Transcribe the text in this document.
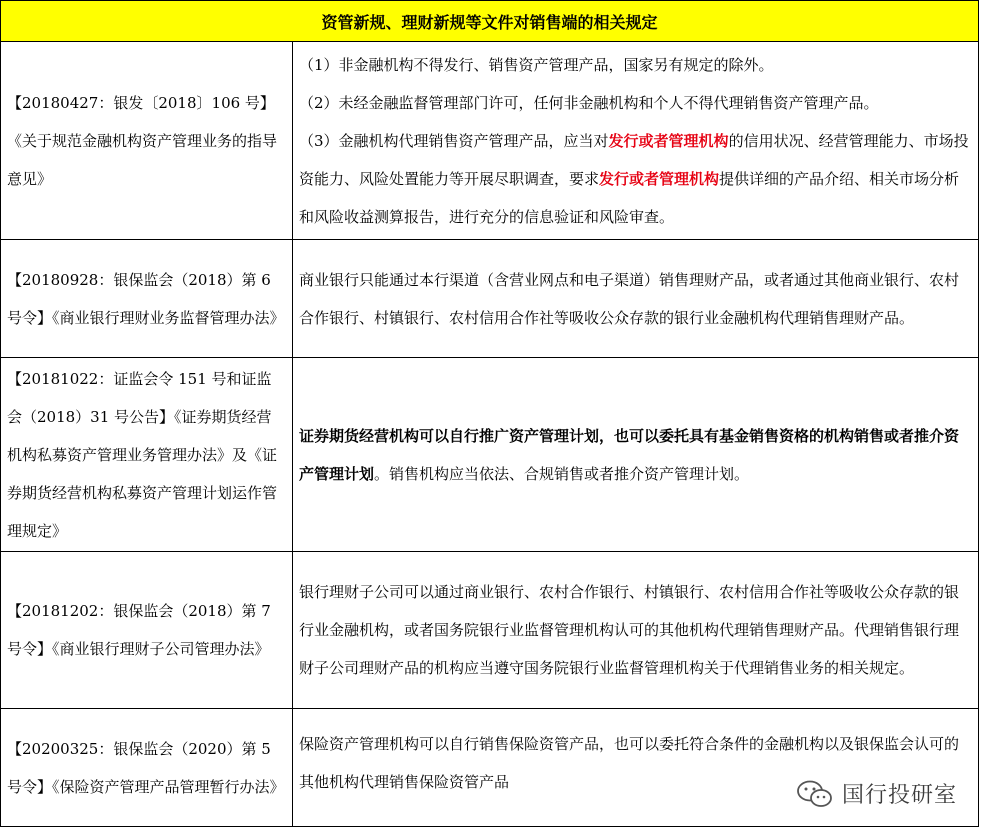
资管新规、理财新规等文件对销售端的相关规定	
【20180427：银发〔2018〕106 号】《关于规范金融机构资产管理业务的指导意见》	（1）非金融机构不得发行、销售资产管理产品，国家另有规定的除外。
（2）未经金融监督管理部门许可，任何非金融机构和个人不得代理销售资产管理产品。
（3）金融机构代理销售资产管理产品，应当对发行或者管理机构的信用状况、经营管理能力、市场投资能力、风险处置能力等开展尽职调查，要求发行或者管理机构提供详细的产品介绍、相关市场分析和风险收益测算报告，进行充分的信息验证和风险审查。

【20180928：银保监会（2018）第 6 号令】《商业银行理财业务监督管理办法》	商业银行只能通过本行渠道（含营业网点和电子渠道）销售理财产品，或者通过其他商业银行、农村合作银行、村镇银行、农村信用合作社等吸收公众存款的银行业金融机构代理销售理财产品。
【20181022：证监会令 151 号和证监会（2018）31 号公告】《证券期货经营机构私募资产管理业务管理办法》及《证券期货经营机构私募资产管理计划运作管理规定》	证券期货经营机构可以自行推广资产管理计划，也可以委托具有基金销售资格的机构销售或者推介资产管理计划。销售机构应当依法、合规销售或者推介资产管理计划。
【20181202：银保监会（2018）第 7 号令】《商业银行理财子公司管理办法》	银行理财子公司可以通过商业银行、农村合作银行、村镇银行、农村信用合作社等吸收公众存款的银行业金融机构，或者国务院银行业监督管理机构认可的其他机构代理销售理财产品。代理销售银行理财子公司理财产品的机构应当遵守国务院银行业监督管理机构关于代理销售业务的相关规定。
【20200325：银保监会（2020）第 5 号令】《保险资产管理产品管理暂行办法》	保险资产管理机构可以自行销售保险资管产品，也可以委托符合条件的金融机构以及银保监会认可的其他机构代理销售保险资管产品
国行投研室
